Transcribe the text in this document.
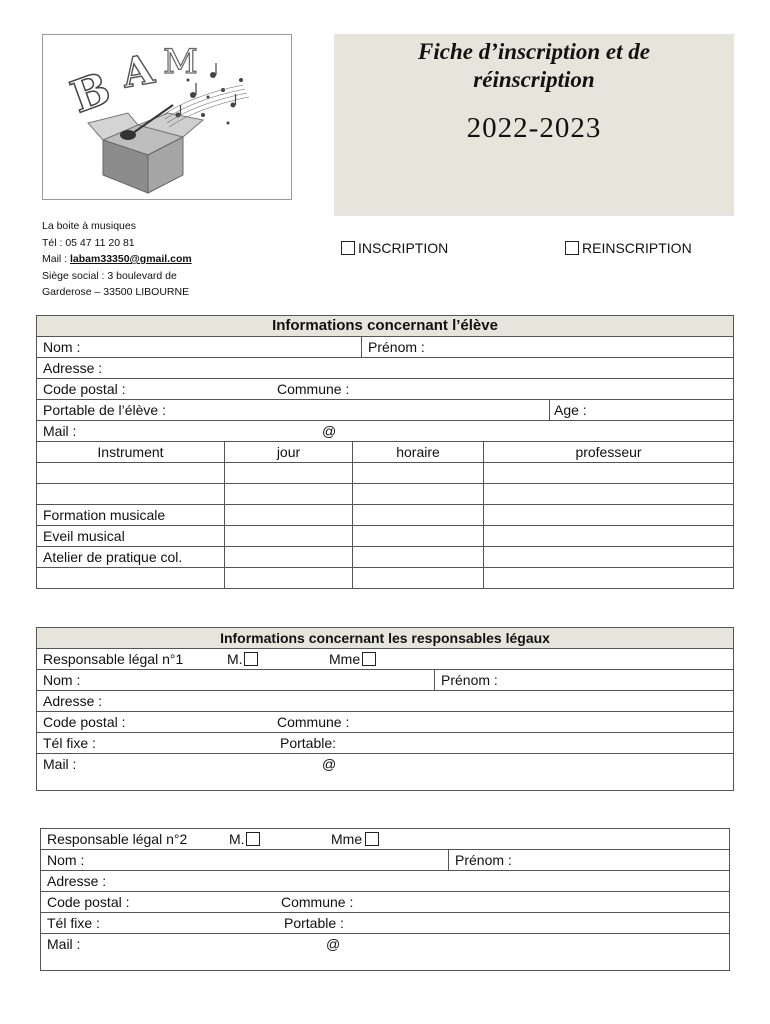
B A M	Fiche d’inscription et de
réinscription
2022-2023
La boite à musiques
Tél : 05 47 11 20 81
Mail : labam33350@gmail.com
Siège social : 3 boulevard de
Garderose – 33500 LIBOURNE
INSCRIPTION	REINSCRIPTION
Informations concernant l’élève					
Nom :			Prénom :		
Adresse :					
Code postal : Commune :					

Portable de l’élève :					Age :
Mail : @					

Instrument	jour	horaire		professeur	

Formation musicale					
Eveil musical					
Atelier de pratique col.					

Informations concernant les responsables légaux
Responsable légal n°1	M.	Mme

Nom :	Prénom :
Adresse :
Code postal :	Commune :

Tél fixe :	Portable:

Mail :	@
Responsable légal n°2	M.	Mme

Nom :	Prénom :
Adresse :
Code postal :	Commune :

Tél fixe :	Portable :

Mail :	@
